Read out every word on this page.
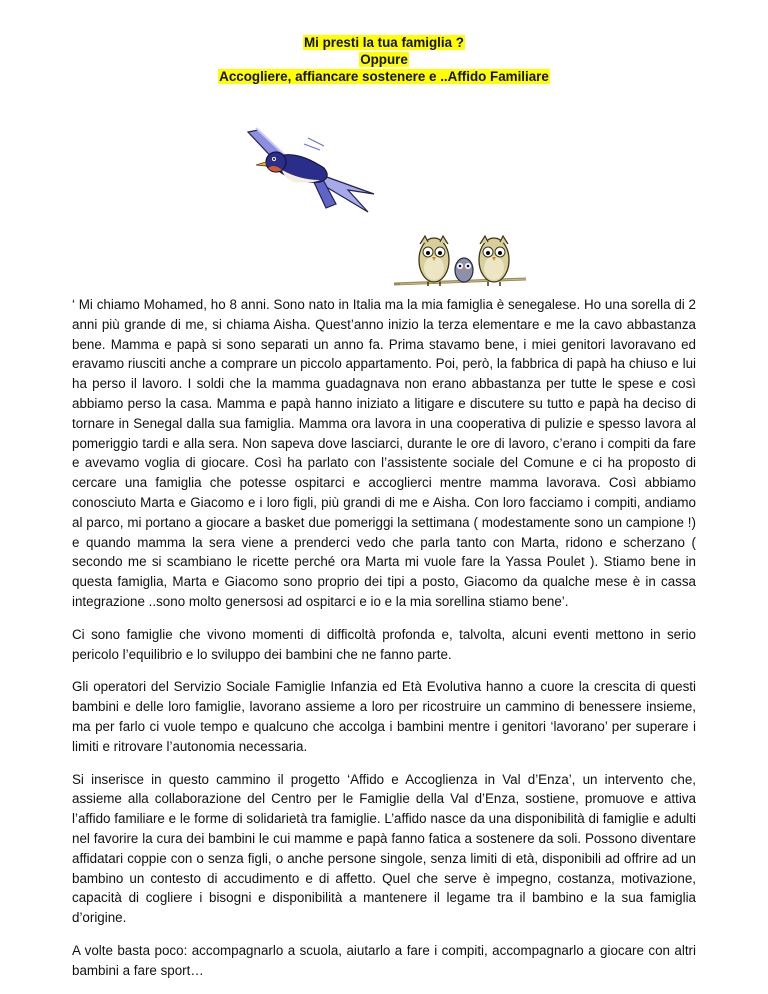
Mi presti la tua famiglia ?
Oppure
Accogliere, affiancare sostenere e ..Affido Familiare

‘ Mi chiamo Mohamed, ho 8 anni. Sono nato in Italia ma la mia famiglia è senegalese. Ho una sorella di 2 anni più grande di me, si chiama Aisha. Quest’anno inizio la terza elementare e me la cavo abbastanza bene. Mamma e papà si sono separati un anno fa. Prima stavamo bene, i miei genitori lavoravano ed eravamo riusciti anche a comprare un piccolo appartamento. Poi, però, la fabbrica di papà ha chiuso e lui ha perso il lavoro. I soldi che la mamma guadagnava non erano abbastanza per tutte le spese e così abbiamo perso la casa. Mamma e papà hanno iniziato a litigare e discutere su tutto e papà ha deciso di tornare in Senegal dalla sua famiglia. Mamma ora lavora in una cooperativa di pulizie e spesso lavora al pomeriggio tardi e alla sera. Non sapeva dove lasciarci, durante le ore di lavoro, c’erano i compiti da fare e avevamo voglia di giocare. Così ha parlato con l’assistente sociale del Comune e ci ha proposto di cercare una famiglia che potesse ospitarci e accoglierci mentre mamma lavorava. Così abbiamo conosciuto Marta e Giacomo e i loro figli, più grandi di me e Aisha. Con loro facciamo i compiti, andiamo al parco, mi portano a giocare a basket due pomeriggi la settimana ( modestamente sono un campione !) e quando mamma la sera viene a prenderci vedo che parla tanto con Marta, ridono e scherzano ( secondo me si scambiano le ricette perché ora Marta mi vuole fare la Yassa Poulet ). Stiamo bene in questa famiglia, Marta e Giacomo sono proprio dei tipi a posto, Giacomo da qualche mese è in cassa integrazione ..sono molto genersosi ad ospitarci e io e la mia sorellina stiamo bene’.

Ci sono famiglie che vivono momenti di difficoltà profonda e, talvolta, alcuni eventi mettono in serio pericolo l’equilibrio e lo sviluppo dei bambini che ne fanno parte.

Gli operatori del Servizio Sociale Famiglie Infanzia ed Età Evolutiva hanno a cuore la crescita di questi bambini e delle loro famiglie, lavorano assieme a loro per ricostruire un cammino di benessere insieme, ma per farlo ci vuole tempo e qualcuno che accolga i bambini mentre i genitori ‘lavorano’ per superare i limiti e ritrovare l’autonomia necessaria.

Si inserisce in questo cammino il progetto ‘Affido e Accoglienza in Val d’Enza’, un intervento che, assieme alla collaborazione del Centro per le Famiglie della Val d’Enza, sostiene, promuove e attiva l’affido familiare e le forme di solidarietà tra famiglie. L’affido nasce da una disponibilità di famiglie e adulti nel favorire la cura dei bambini le cui mamme e papà fanno fatica a sostenere da soli. Possono diventare affidatari coppie con o senza figli, o anche persone singole, senza limiti di età, disponibili ad offrire ad un bambino un contesto di accudimento e di affetto. Quel che serve è impegno, costanza, motivazione, capacità di cogliere i bisogni e disponibilità a mantenere il legame tra il bambino e la sua famiglia d’origine.

A volte basta poco: accompagnarlo a scuola, aiutarlo a fare i compiti, accompagnarlo a giocare con altri bambini a fare sport…
